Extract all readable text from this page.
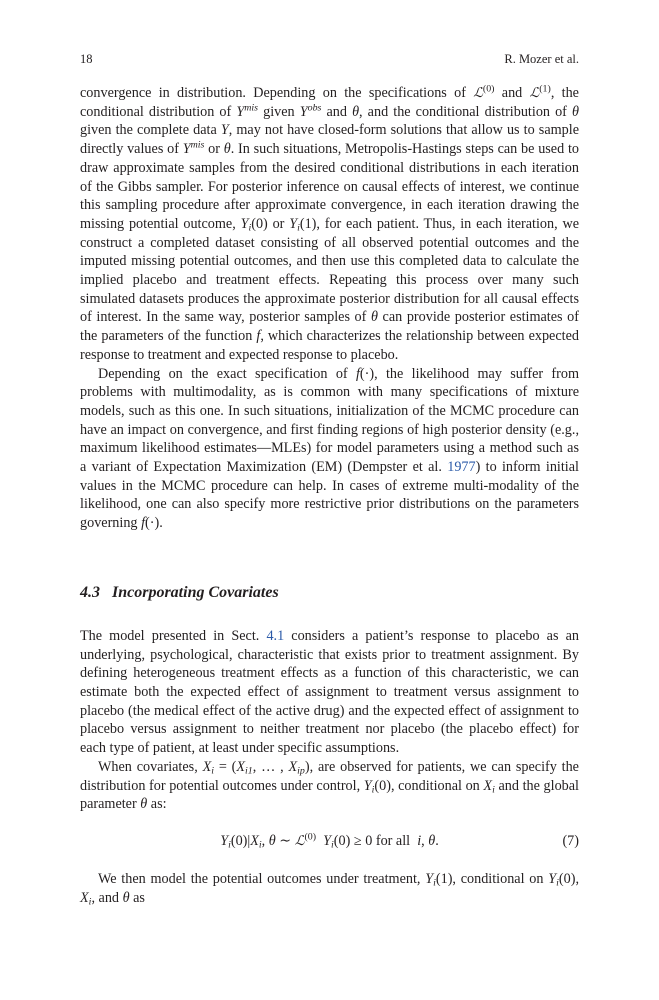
18	R. Mozer et al.

convergence in distribution. Depending on the specifications of ℒ$^{(0)}$ and ℒ$^{(1)}$, the conditional distribution of $Y^{mis}$ given $Y^{obs}$ and θ, and the conditional distribution of θ given the complete data Y, may not have closed-form solutions that allow us to sample directly values of $Y^{mis}$ or θ. In such situations, Metropolis-Hastings steps can be used to draw approximate samples from the desired conditional distributions in each iteration of the Gibbs sampler. For posterior inference on causal effects of interest, we continue this sampling procedure after approximate convergence, in each iteration drawing the missing potential outcome, $Y_i(0)$ or $Y_i(1)$, for each patient. Thus, in each iteration, we construct a completed dataset consisting of all observed potential outcomes and the imputed missing potential outcomes, and then use this completed data to calculate the implied placebo and treatment effects. Repeating this process over many such simulated datasets produces the approximate posterior distribution for all causal effects of interest. In the same way, posterior samples of θ can provide posterior estimates of the parameters of the function f, which characterizes the relationship between expected response to treatment and expected response to placebo.

Depending on the exact specification of f(·), the likelihood may suffer from problems with multimodality, as is common with many specifications of mixture models, such as this one. In such situations, initialization of the MCMC procedure can have an impact on convergence, and first finding regions of high posterior density (e.g., maximum likelihood estimates—MLEs) for model parameters using a method such as a variant of Expectation Maximization (EM) (Dempster et al. 1977) to inform initial values in the MCMC procedure can help. In cases of extreme multi-modality of the likelihood, one can also specify more restrictive prior distributions on the parameters governing f(·).

4.3 Incorporating Covariates

The model presented in Sect. 4.1 considers a patient’s response to placebo as an underlying, psychological, characteristic that exists prior to treatment assignment. By defining heterogeneous treatment effects as a function of this characteristic, we can estimate both the expected effect of assignment to treatment versus assignment to placebo (the medical effect of the active drug) and the expected effect of assignment to placebo versus assignment to neither treatment nor placebo (the placebo effect) for each type of patient, at least under specific assumptions.

When covariates, $X_i = (X_{i1}$, … , $X_{ip}$), are observed for patients, we can specify the distribution for potential outcomes under control, $Y_i(0)$, conditional on $X_i$ and the global parameter θ as:

$Y_i(0)|X_i$, θ ∼ ℒ$^{(0)}$ $Y_i(0) \ge 0$ for all  i, θ.	(7)

We then model the potential outcomes under treatment, $Y_i(1)$, conditional on $Y_i(0)$, $X_i$, and θ as
